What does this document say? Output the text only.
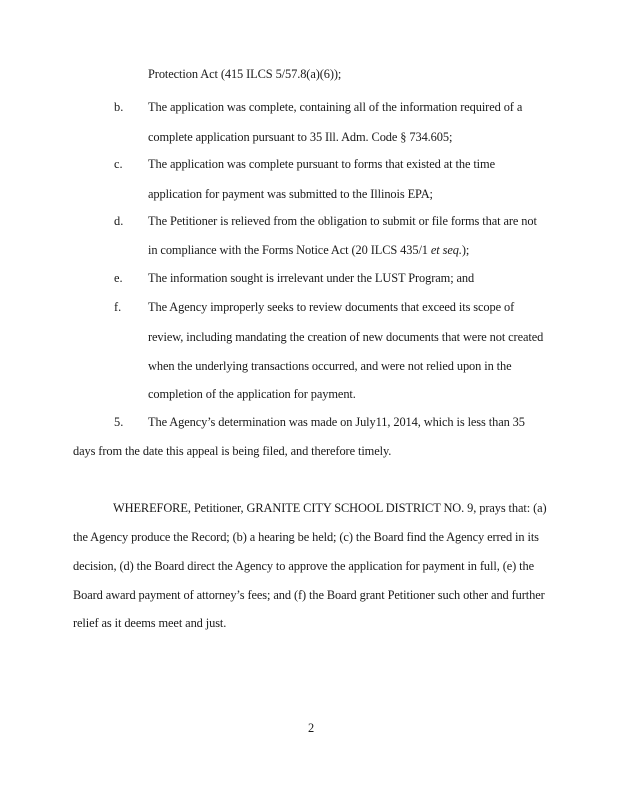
Protection Act (415 ILCS 5/57.8(a)(6));
b. The application was complete, containing all of the information required of a
complete application pursuant to 35 Ill. Adm. Code § 734.605;
c. The application was complete pursuant to forms that existed at the time
application for payment was submitted to the Illinois EPA;
d. The Petitioner is relieved from the obligation to submit or file forms that are not
in compliance with the Forms Notice Act (20 ILCS 435/1 et seq.);
e. The information sought is irrelevant under the LUST Program; and
f. The Agency improperly seeks to review documents that exceed its scope of
review, including mandating the creation of new documents that were not created
when the underlying transactions occurred, and were not relied upon in the
completion of the application for payment.
5. The Agency’s determination was made on July11, 2014, which is less than 35
days from the date this appeal is being filed, and therefore timely.
WHEREFORE, Petitioner, GRANITE CITY SCHOOL DISTRICT NO. 9, prays that: (a)
the Agency produce the Record; (b) a hearing be held; (c) the Board find the Agency erred in its
decision, (d) the Board direct the Agency to approve the application for payment in full, (e) the
Board award payment of attorney’s fees; and (f) the Board grant Petitioner such other and further
relief as it deems meet and just.
2
